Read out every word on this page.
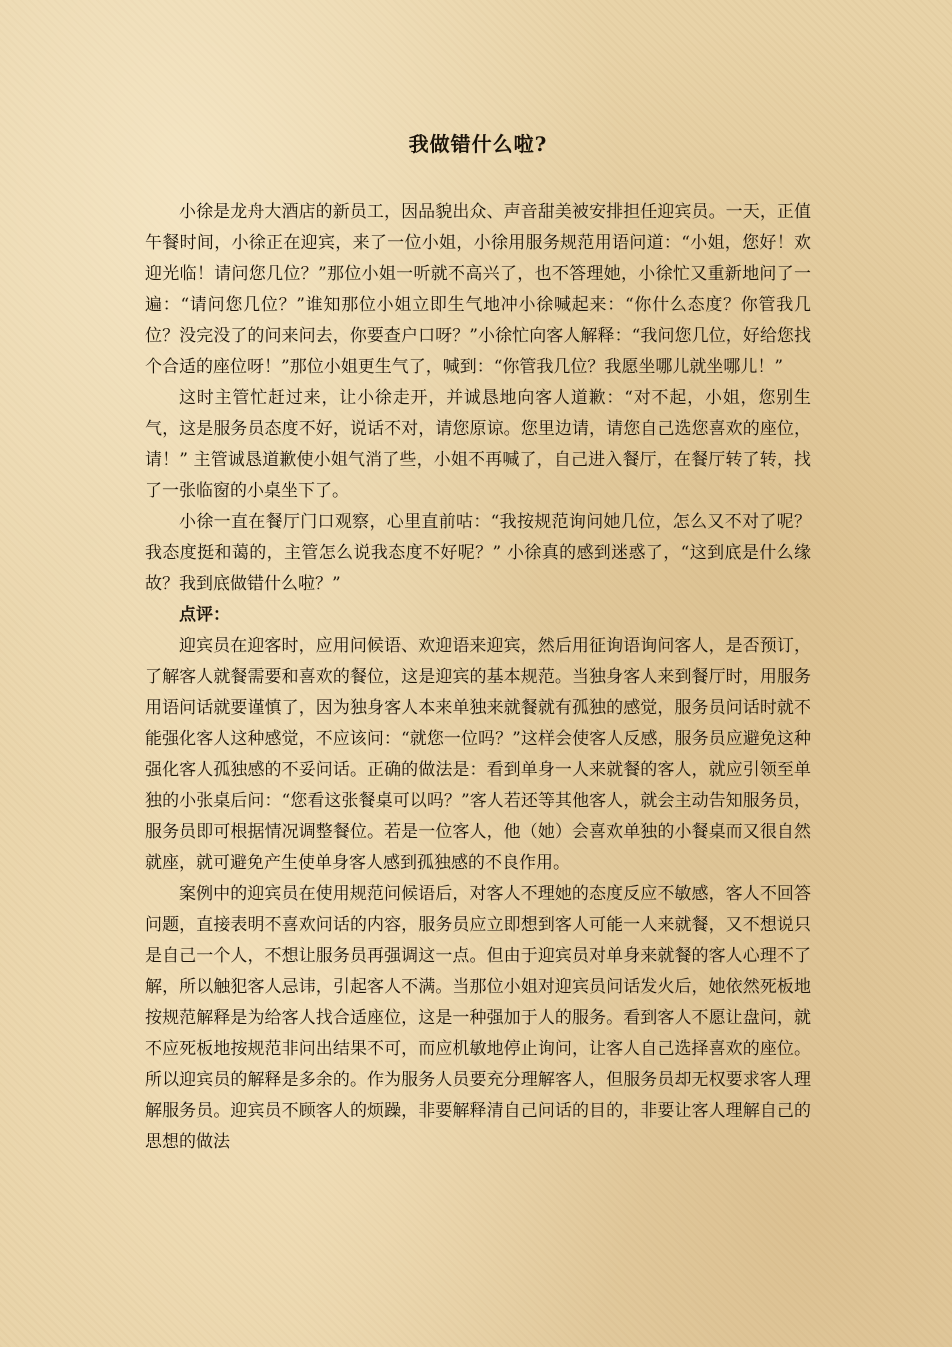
我做错什么啦?

小徐是龙舟大酒店的新员工，因品貌出众、声音甜美被安排担任迎宾员。一天，正值午餐时间，小徐正在迎宾，来了一位小姐，小徐用服务规范用语问道：“小姐，您好！欢迎光临！请问您几位？”那位小姐一听就不高兴了，也不答理她，小徐忙又重新地问了一遍：“请问您几位？”谁知那位小姐立即生气地冲小徐喊起来：“你什么态度？你管我几位？没完没了的问来问去，你要查户口呀？”小徐忙向客人解释：“我问您几位，好给您找个合适的座位呀！”那位小姐更生气了，喊到：“你管我几位？我愿坐哪儿就坐哪儿！”

这时主管忙赶过来，让小徐走开，并诚恳地向客人道歉：“对不起，小姐，您别生气，这是服务员态度不好，说话不对，请您原谅。您里边请，请您自己选您喜欢的座位，请！” 主管诚恳道歉使小姐气消了些，小姐不再喊了，自己进入餐厅，在餐厅转了转，找了一张临窗的小桌坐下了。

小徐一直在餐厅门口观察，心里直前咕：“我按规范询问她几位，怎么又不对了呢？我态度挺和蔼的，主管怎么说我态度不好呢？” 小徐真的感到迷惑了，“这到底是什么缘故？我到底做错什么啦？”

点评：

迎宾员在迎客时，应用问候语、欢迎语来迎宾，然后用征询语询问客人，是否预订，了解客人就餐需要和喜欢的餐位，这是迎宾的基本规范。当独身客人来到餐厅时，用服务用语问话就要谨慎了，因为独身客人本来单独来就餐就有孤独的感觉，服务员问话时就不能强化客人这种感觉，不应该问：“就您一位吗？”这样会使客人反感，服务员应避免这种强化客人孤独感的不妥问话。正确的做法是：看到单身一人来就餐的客人，就应引领至单独的小张桌后问：“您看这张餐桌可以吗？”客人若还等其他客人，就会主动告知服务员，服务员即可根据情况调整餐位。若是一位客人，他（她）会喜欢单独的小餐桌而又很自然就座，就可避免产生使单身客人感到孤独感的不良作用。

案例中的迎宾员在使用规范问候语后，对客人不理她的态度反应不敏感，客人不回答问题，直接表明不喜欢问话的内容，服务员应立即想到客人可能一人来就餐，又不想说只是自己一个人，不想让服务员再强调这一点。但由于迎宾员对单身来就餐的客人心理不了解，所以触犯客人忌讳，引起客人不满。当那位小姐对迎宾员问话发火后，她依然死板地按规范解释是为给客人找合适座位，这是一种强加于人的服务。看到客人不愿让盘问，就不应死板地按规范非问出结果不可，而应机敏地停止询问，让客人自己选择喜欢的座位。所以迎宾员的解释是多余的。作为服务人员要充分理解客人，但服务员却无权要求客人理解服务员。迎宾员不顾客人的烦躁，非要解释清自己问话的目的，非要让客人理解自己的思想的做法
